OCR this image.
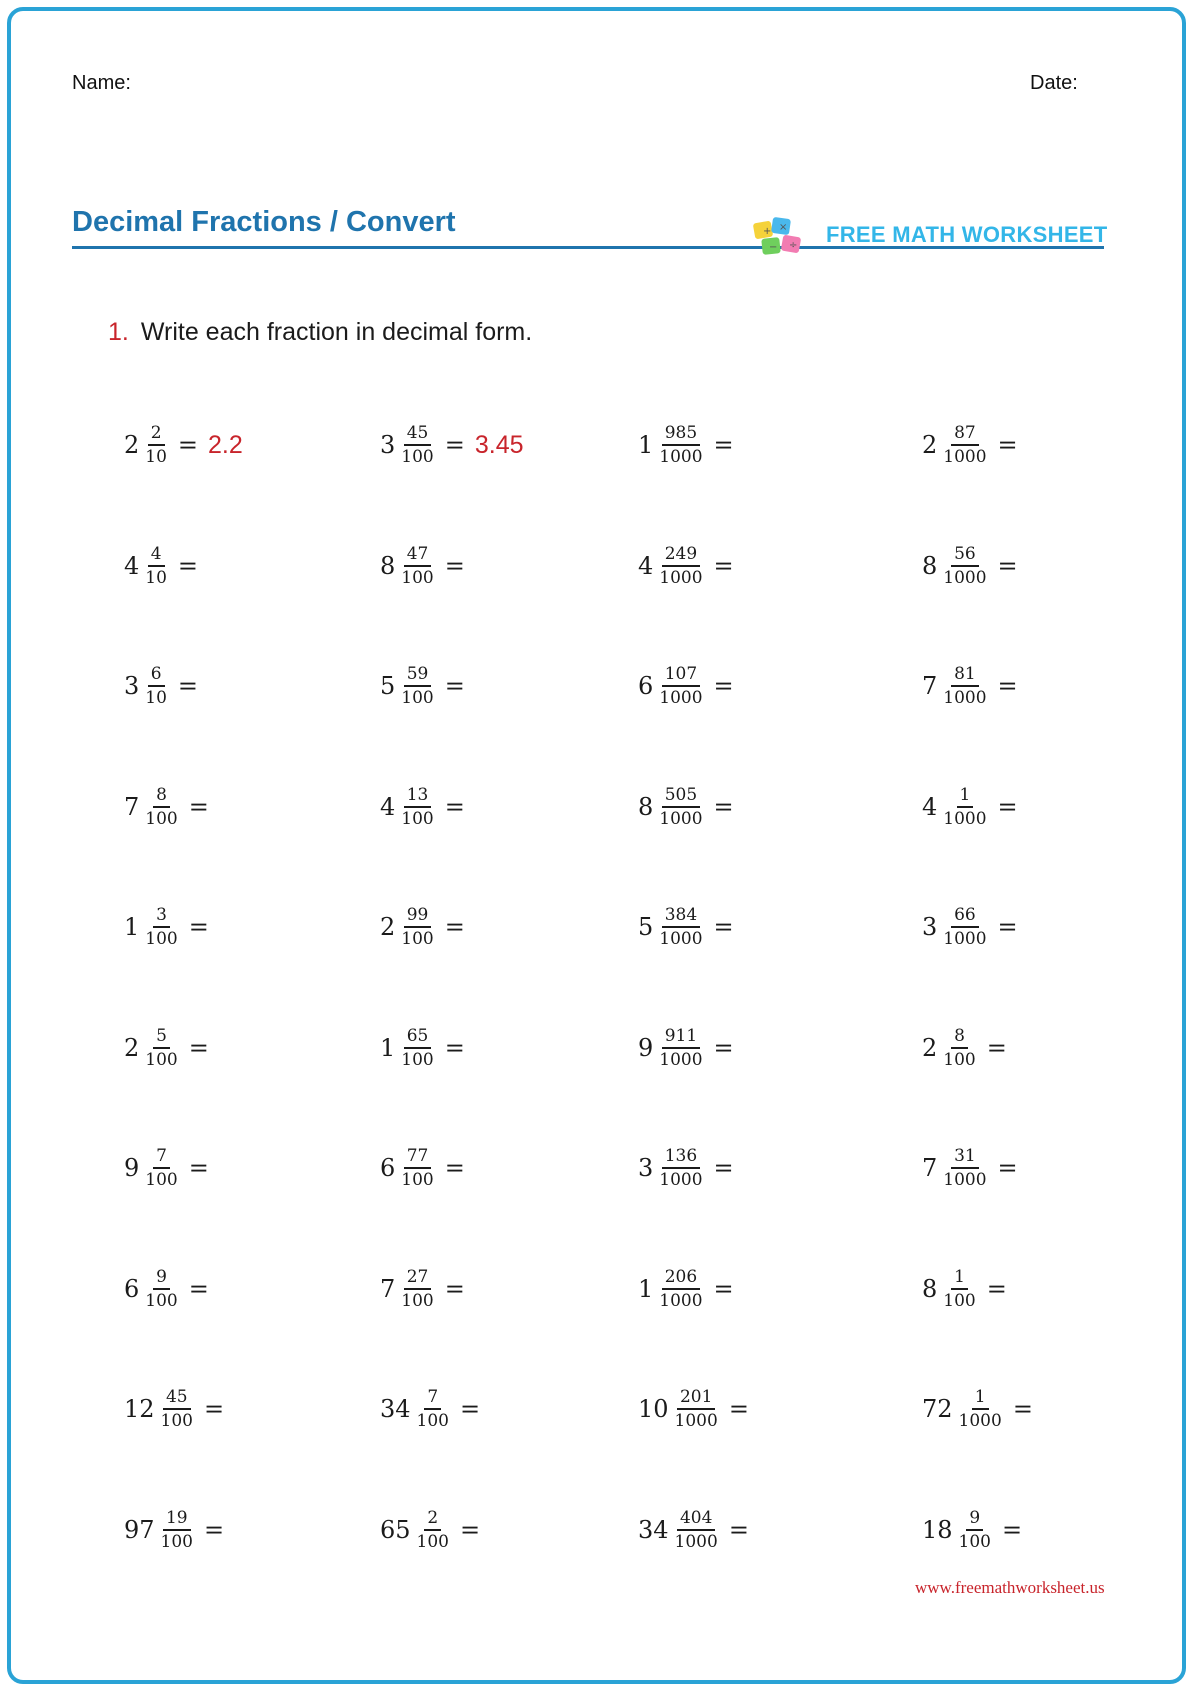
Name:	Date:
Decimal Fractions / Convert	+ ×
− ÷ FREE MATH WORKSHEET
1. Write each fraction in decimal form.
$2 \frac{2}{10} = 2.2$	$3 \frac{45}{100} = 3.45$	$1 \frac{985}{1000}$ =	$2 \frac{87}{1000}$ =
$4 \frac{4}{10}$ =	$8 \frac{47}{100}$ =	$4 \frac{249}{1000}$ =	$8 \frac{56}{1000}$ =
$3 \frac{6}{10}$ =	$5 \frac{59}{100}$ =	$6 \frac{107}{1000}$ =	$7 \frac{81}{1000}$ =
$7 \frac{8}{100}$ =	$4 \frac{13}{100}$ =	$8 \frac{505}{1000}$ =	$4 \frac{1}{1000}$ =
$1 \frac{3}{100}$ =	$2 \frac{99}{100}$ =	$5 \frac{384}{1000}$ =	$3 \frac{66}{1000}$ =
$2 \frac{5}{100}$ =	$1 \frac{65}{100}$ =	$9 \frac{911}{1000}$ =	$2 \frac{8}{100}$ =
$9 \frac{7}{100}$ =	$6 \frac{77}{100}$ =	$3 \frac{136}{1000}$ =	$7 \frac{31}{1000}$ =
$6 \frac{9}{100}$ =	$7 \frac{27}{100}$ =	$1 \frac{206}{1000}$ =	$8 \frac{1}{100}$ =
$12 \frac{45}{100}$ =	$34 \frac{7}{100}$ =	$10 \frac{201}{1000}$ =	$72 \frac{1}{1000}$ =
$97 \frac{19}{100}$ =	$65 \frac{2}{100}$ =	$34 \frac{404}{1000}$ =	$18 \frac{9}{100}$ =
www.freemathworksheet.us
